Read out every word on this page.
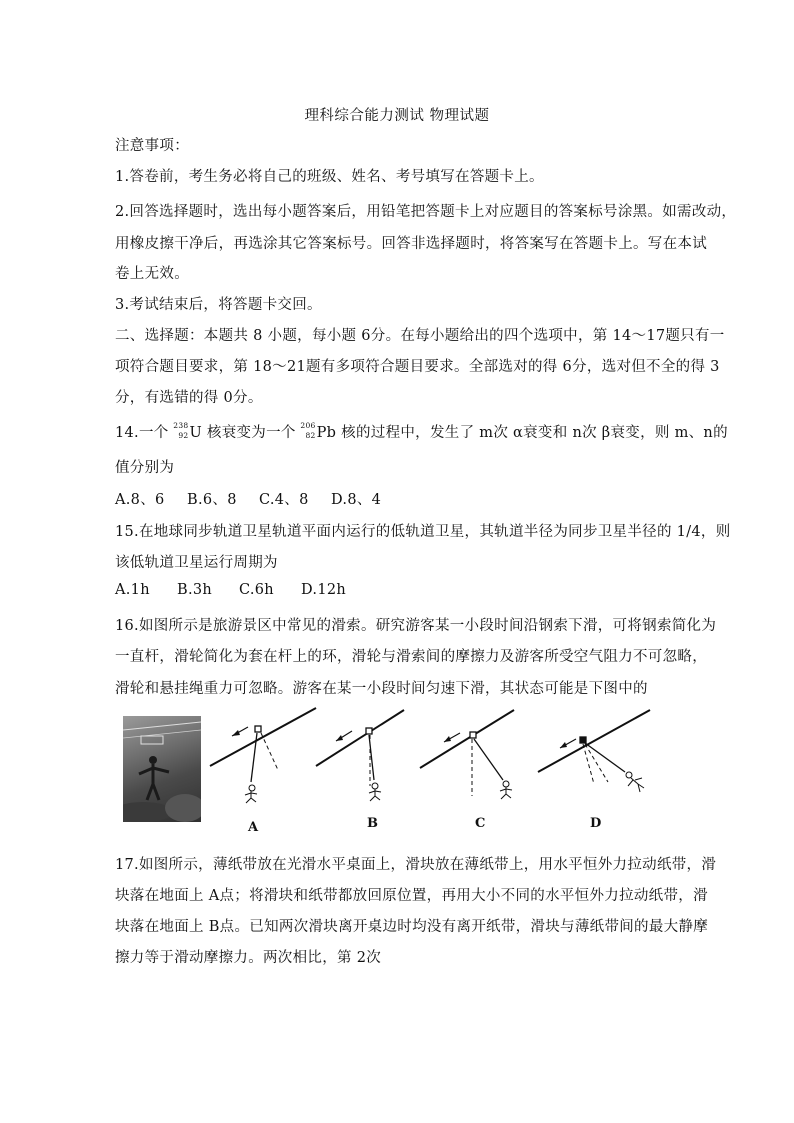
理科综合能力测试 物理试题
注意事项：
1.答卷前，考生务必将自己的班级、姓名、考号填写在答题卡上。
2.回答选择题时，选出每小题答案后，用铅笔把答题卡上对应题目的答案标号涂黑。如需改动，
用橡皮擦干净后，再选涂其它答案标号。回答非选择题时，将答案写在答题卡上。写在本试
卷上无效。
3.考试结束后，将答题卡交回。
二、选择题：本题共 8 小题，每小题 6分。在每小题给出的四个选项中，第 14～17题只有一
项符合题目要求，第 18～21题有多项符合题目要求。全部选对的得 6分，选对但不全的得 3
分，有选错的得 0分。
14.一个 238
92 U 核衰变为一个 206
82 Pb 核的过程中，发生了 m次 α衰变和 n次 β衰变，则 m、n的
值分别为
A.8、6 B.6、8 C.4、8 D.8、4
15.在地球同步轨道卫星轨道平面内运行的低轨道卫星，其轨道半径为同步卫星半径的 1/4，则
该低轨道卫星运行周期为
A.1h B.3h C.6h D.12h
16.如图所示是旅游景区中常见的滑索。研究游客某一小段时间沿钢索下滑，可将钢索简化为
一直杆，滑轮简化为套在杆上的环，滑轮与滑索间的摩擦力及游客所受空气阻力不可忽略，
滑轮和悬挂绳重力可忽略。游客在某一小段时间匀速下滑，其状态可能是下图中的
A	B	C	D
17.如图所示，薄纸带放在光滑水平桌面上，滑块放在薄纸带上，用水平恒外力拉动纸带，滑
块落在地面上 A点；将滑块和纸带都放回原位置，再用大小不同的水平恒外力拉动纸带，滑
块落在地面上 B点。已知两次滑块离开桌边时均没有离开纸带，滑块与薄纸带间的最大静摩
擦力等于滑动摩擦力。两次相比，第 2次
